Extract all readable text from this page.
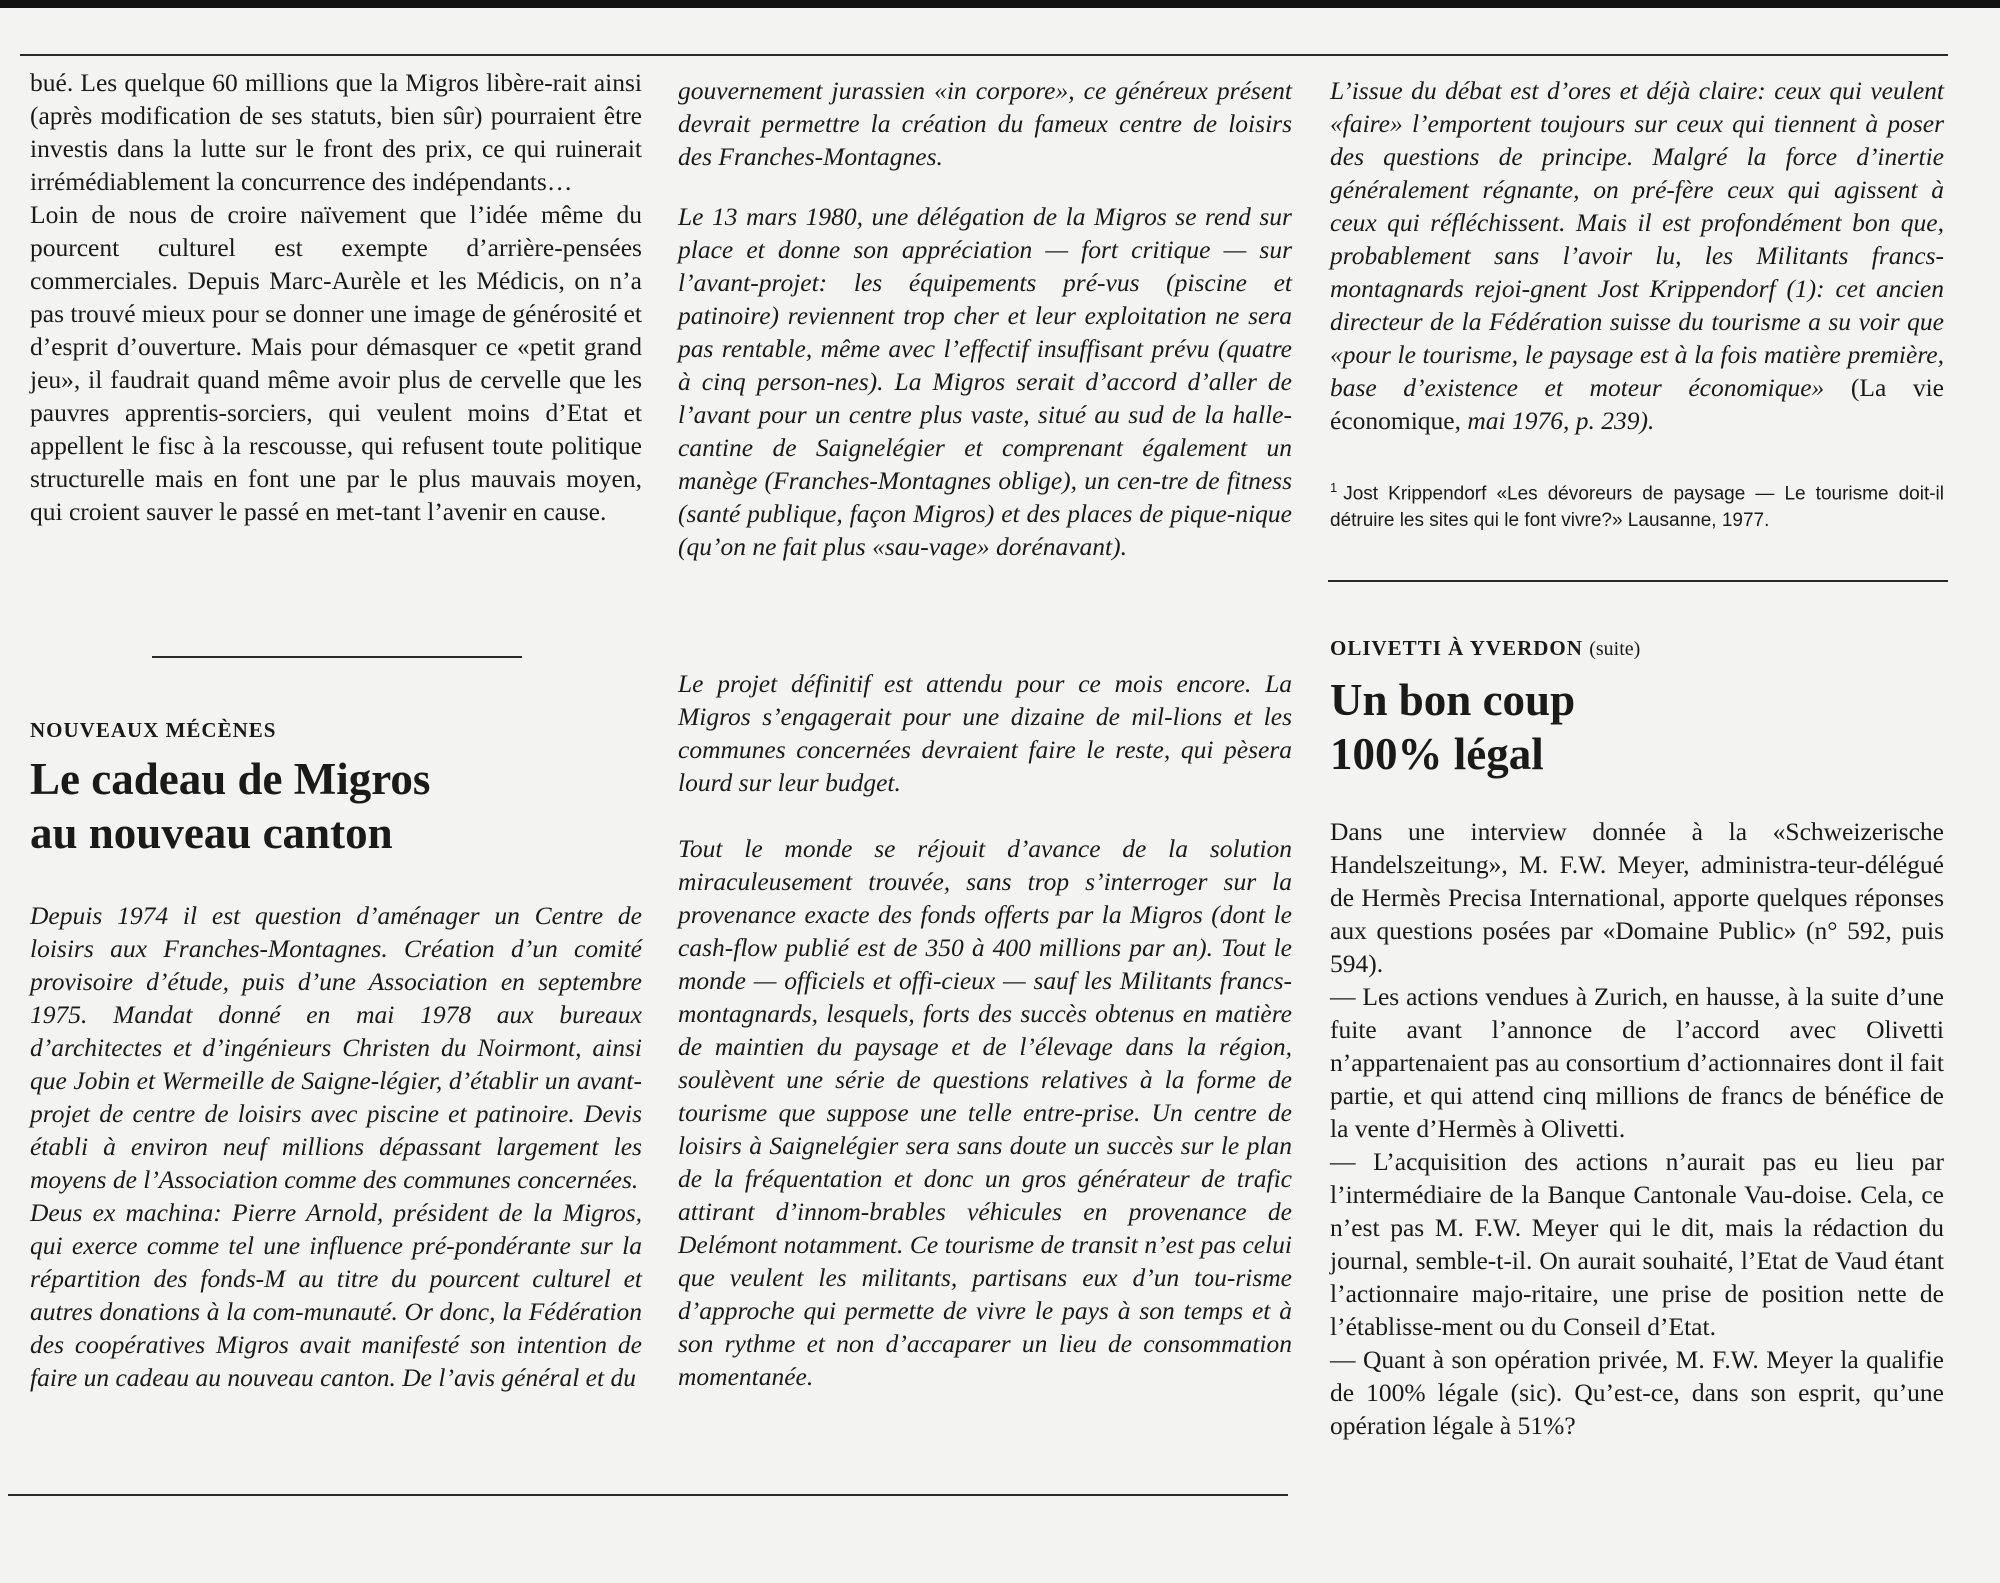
bué. Les quelque 60 millions que la Migros libère-rait ainsi (après modification de ses statuts, bien sûr) pourraient être investis dans la lutte sur le front des prix, ce qui ruinerait irrémédiablement la concurrence des indépendants…

Loin de nous de croire naïvement que l’idée même du pourcent culturel est exempte d’arrière-pensées commerciales. Depuis Marc-Aurèle et les Médicis, on n’a pas trouvé mieux pour se donner une image de générosité et d’esprit d’ouverture. Mais pour démasquer ce «petit grand jeu», il faudrait quand même avoir plus de cervelle que les pauvres apprentis-sorciers, qui veulent moins d’Etat et appellent le fisc à la rescousse, qui refusent toute politique structurelle mais en font une par le plus mauvais moyen, qui croient sauver le passé en met-tant l’avenir en cause.

NOUVEAUX MÉCÈNES
Le cadeau de Migros
au nouveau canton

Depuis 1974 il est question d’aménager un Centre de loisirs aux Franches-Montagnes. Création d’un comité provisoire d’étude, puis d’une Association en septembre 1975. Mandat donné en mai 1978 aux bureaux d’architectes et d’ingénieurs Christen du Noirmont, ainsi que Jobin et Wermeille de Saigne-légier, d’établir un avant-projet de centre de loisirs avec piscine et patinoire. Devis établi à environ neuf millions dépassant largement les moyens de l’Association comme des communes concernées.

Deus ex machina: Pierre Arnold, président de la Migros, qui exerce comme tel une influence pré-pondérante sur la répartition des fonds-M au titre du pourcent culturel et autres donations à la com-munauté. Or donc, la Fédération des coopératives Migros avait manifesté son intention de faire un cadeau au nouveau canton. De l’avis général et du

gouvernement jurassien «in corpore», ce généreux présent devrait permettre la création du fameux centre de loisirs des Franches-Montagnes.

Le 13 mars 1980, une délégation de la Migros se rend sur place et donne son appréciation — fort critique — sur l’avant-projet: les équipements pré-vus (piscine et patinoire) reviennent trop cher et leur exploitation ne sera pas rentable, même avec l’effectif insuffisant prévu (quatre à cinq person-nes). La Migros serait d’accord d’aller de l’avant pour un centre plus vaste, situé au sud de la halle-cantine de Saignelégier et comprenant également un manège (Franches-Montagnes oblige), un cen-tre de fitness (santé publique, façon Migros) et des places de pique-nique (qu’on ne fait plus «sau-vage» dorénavant).

Le projet définitif est attendu pour ce mois encore. La Migros s’engagerait pour une dizaine de mil-lions et les communes concernées devraient faire le reste, qui pèsera lourd sur leur budget.

Tout le monde se réjouit d’avance de la solution miraculeusement trouvée, sans trop s’interroger sur la provenance exacte des fonds offerts par la Migros (dont le cash-flow publié est de 350 à 400 millions par an). Tout le monde — officiels et offi-cieux — sauf les Militants francs-montagnards, lesquels, forts des succès obtenus en matière de maintien du paysage et de l’élevage dans la région, soulèvent une série de questions relatives à la forme de tourisme que suppose une telle entre-prise. Un centre de loisirs à Saignelégier sera sans doute un succès sur le plan de la fréquentation et donc un gros générateur de trafic attirant d’innom-brables véhicules en provenance de Delémont notamment. Ce tourisme de transit n’est pas celui que veulent les militants, partisans eux d’un tou-risme d’approche qui permette de vivre le pays à son temps et à son rythme et non d’accaparer un lieu de consommation momentanée.

L’issue du débat est d’ores et déjà claire: ceux qui veulent «faire» l’emportent toujours sur ceux qui tiennent à poser des questions de principe. Malgré la force d’inertie généralement régnante, on pré-fère ceux qui agissent à ceux qui réfléchissent. Mais il est profondément bon que, probablement sans l’avoir lu, les Militants francs-montagnards rejoi-gnent Jost Krippendorf (1): cet ancien directeur de la Fédération suisse du tourisme a su voir que «pour le tourisme, le paysage est à la fois matière première, base d’existence et moteur économique» (La vie économique, mai 1976, p. 239).

$^1$ Jost Krippendorf «Les dévoreurs de paysage — Le tourisme doit-il détruire les sites qui le font vivre?» Lausanne, 1977.
OLIVETTI À YVERDON (suite)
Un bon coup
100% légal

Dans une interview donnée à la «Schweizerische Handelszeitung», M. F.W. Meyer, administra-teur-délégué de Hermès Precisa International, apporte quelques réponses aux questions posées par «Domaine Public» (n° 592, puis 594).

— Les actions vendues à Zurich, en hausse, à la suite d’une fuite avant l’annonce de l’accord avec Olivetti n’appartenaient pas au consortium d’actionnaires dont il fait partie, et qui attend cinq millions de francs de bénéfice de la vente d’Hermès à Olivetti.

— L’acquisition des actions n’aurait pas eu lieu par l’intermédiaire de la Banque Cantonale Vau-doise. Cela, ce n’est pas M. F.W. Meyer qui le dit, mais la rédaction du journal, semble-t-il. On aurait souhaité, l’Etat de Vaud étant l’actionnaire majo-ritaire, une prise de position nette de l’établisse-ment ou du Conseil d’Etat.

— Quant à son opération privée, M. F.W. Meyer la qualifie de 100% légale (sic). Qu’est-ce, dans son esprit, qu’une opération légale à 51%?
